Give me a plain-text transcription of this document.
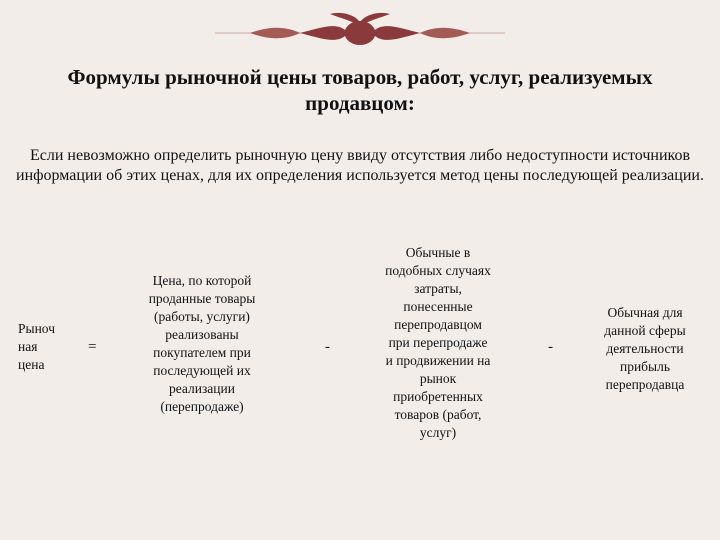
Формулы рыночной цены товаров, работ, услуг, реализуемых продавцом:
Если невозможно определить рыночную цену ввиду отсутствия либо недоступности источников информации об этих ценах, для их определения используется метод цены последующей реализации.
Рыноч
ная
цена
=
Цена, по которой
проданные товары
(работы, услуги)
реализованы
покупателем при
последующей их
реализации
(перепродаже)
-
Обычные в
подобных случаях
затраты,
понесенные
перепродавцом
при перепродаже
и продвижении на
рынок
приобретенных
товаров (работ,
услуг)
-
Обычная для
данной сферы
деятельности
прибыль
перепродавца
